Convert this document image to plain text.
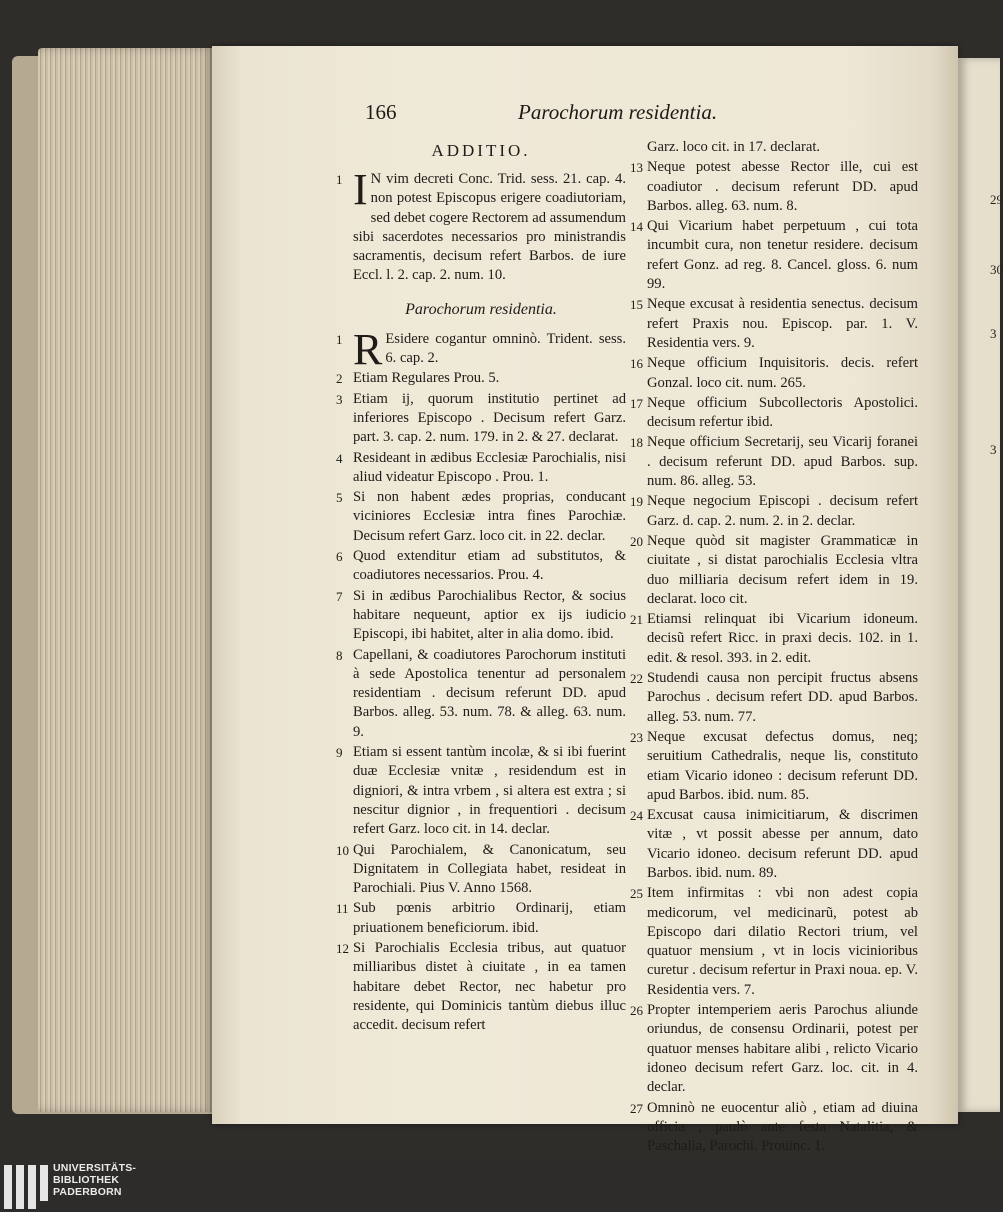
29
30
3
3
166	Parochorum residentia.
ADDITIO.
1 I N vim decreti Conc. Trid. sess. 21. cap. 4. non potest Episcopus erigere coadiutoriam, sed debet cogere Rectorem ad assumendum sibi sacerdotes necessarios pro ministrandis sacramentis, decisum refert Barbos. de iure Eccl. l. 2. cap. 2. num. 10.
Parochorum residentia.
1 R Esidere cogantur omninò. Trident. sess. 6. cap. 2.
2 Etiam Regulares Prou. 5.
3 Etiam ij, quorum institutio pertinet ad inferiores Episcopo . Decisum refert Garz. part. 3. cap. 2. num. 179. in 2. & 27. declarat.
4 Resideant in ædibus Ecclesiæ Parochialis, nisi aliud videatur Episcopo . Prou. 1.
5 Si non habent ædes proprias, conducant viciniores Ecclesiæ intra fines Parochiæ. Decisum refert Garz. loco cit. in 22. declar.
6 Quod extenditur etiam ad substitutos, & coadiutores necessarios. Prou. 4.
7 Si in ædibus Parochialibus Rector, & socius habitare nequeunt, aptior ex ijs iudicio Episcopi, ibi habitet, alter in alia domo. ibid.
8 Capellani, & coadiutores Parochorum instituti à sede Apostolica tenentur ad personalem residentiam . decisum referunt DD. apud Barbos. alleg. 53. num. 78. & alleg. 63. num. 9.
9 Etiam si essent tantùm incolæ, & si ibi fuerint duæ Ecclesiæ vnitæ , residendum est in digniori, & intra vrbem , si altera est extra ; si nescitur dignior , in frequentiori . decisum refert Garz. loco cit. in 14. declar.
10 Qui Parochialem, & Canonicatum, seu Dignitatem in Collegiata habet, resideat in Parochiali. Pius V. Anno 1568.
11 Sub pœnis arbitrio Ordinarij, etiam priuationem beneficiorum. ibid.
12 Si Parochialis Ecclesia tribus, aut quatuor milliaribus distet à ciuitate , in ea tamen habitare debet Rector, nec habetur pro residente, qui Dominicis tantùm diebus illuc accedit. decisum refert
Garz. loco cit. in 17. declarat.
13 Neque potest abesse Rector ille, cui est coadiutor . decisum referunt DD. apud Barbos. alleg. 63. num. 8.
14 Qui Vicarium habet perpetuum , cui tota incumbit cura, non tenetur residere. decisum refert Gonz. ad reg. 8. Cancel. gloss. 6. num 99.
15 Neque excusat à residentia senectus. decisum refert Praxis nou. Episcop. par. 1. V. Residentia vers. 9.
16 Neque officium Inquisitoris. decis. refert Gonzal. loco cit. num. 265.
17 Neque officium Subcollectoris Apostolici. decisum refertur ibid.
18 Neque officium Secretarij, seu Vicarij foranei . decisum referunt DD. apud Barbos. sup. num. 86. alleg. 53.
19 Neque negocium Episcopi . decisum refert Garz. d. cap. 2. num. 2. in 2. declar.
20 Neque quòd sit magister Grammaticæ in ciuitate , si distat parochialis Ecclesia vltra duo milliaria decisum refert idem in 19. declarat. loco cit.
21 Etiamsi relinquat ibi Vicarium idoneum. decisũ refert Ricc. in praxi decis. 102. in 1. edit. & resol. 393. in 2. edit.
22 Studendi causa non percipit fructus absens Parochus . decisum refert DD. apud Barbos. alleg. 53. num. 77.
23 Neque excusat defectus domus, neq; seruitium Cathedralis, neque lis, constituto etiam Vicario idoneo : decisum referunt DD. apud Barbos. ibid. num. 85.
24 Excusat causa inimicitiarum, & discrimen vitæ , vt possit abesse per annum, dato Vicario idoneo. decisum referunt DD. apud Barbos. ibid. num. 89.
25 Item infirmitas : vbi non adest copia medicorum, vel medicinarũ, potest ab Episcopo dari dilatio Rectori trium, vel quatuor mensium , vt in locis vicinioribus curetur . decisum refertur in Praxi noua. ep. V. Residentia vers. 7.
26 Propter intemperiem aeris Parochus aliunde oriundus, de consensu Ordinarii, potest per quatuor menses habitare alibi , relicto Vicario idoneo decisum refert Garz. loc. cit. in 4. declar.
27 Omninò ne euocentur aliò , etiam ad diuina officia , paulò ante festa Natalitia, & Paschalia, Parochi. Prouinc. 1.
UNIVERSITÄTS-
BIBLIOTHEK
PADERBORN
